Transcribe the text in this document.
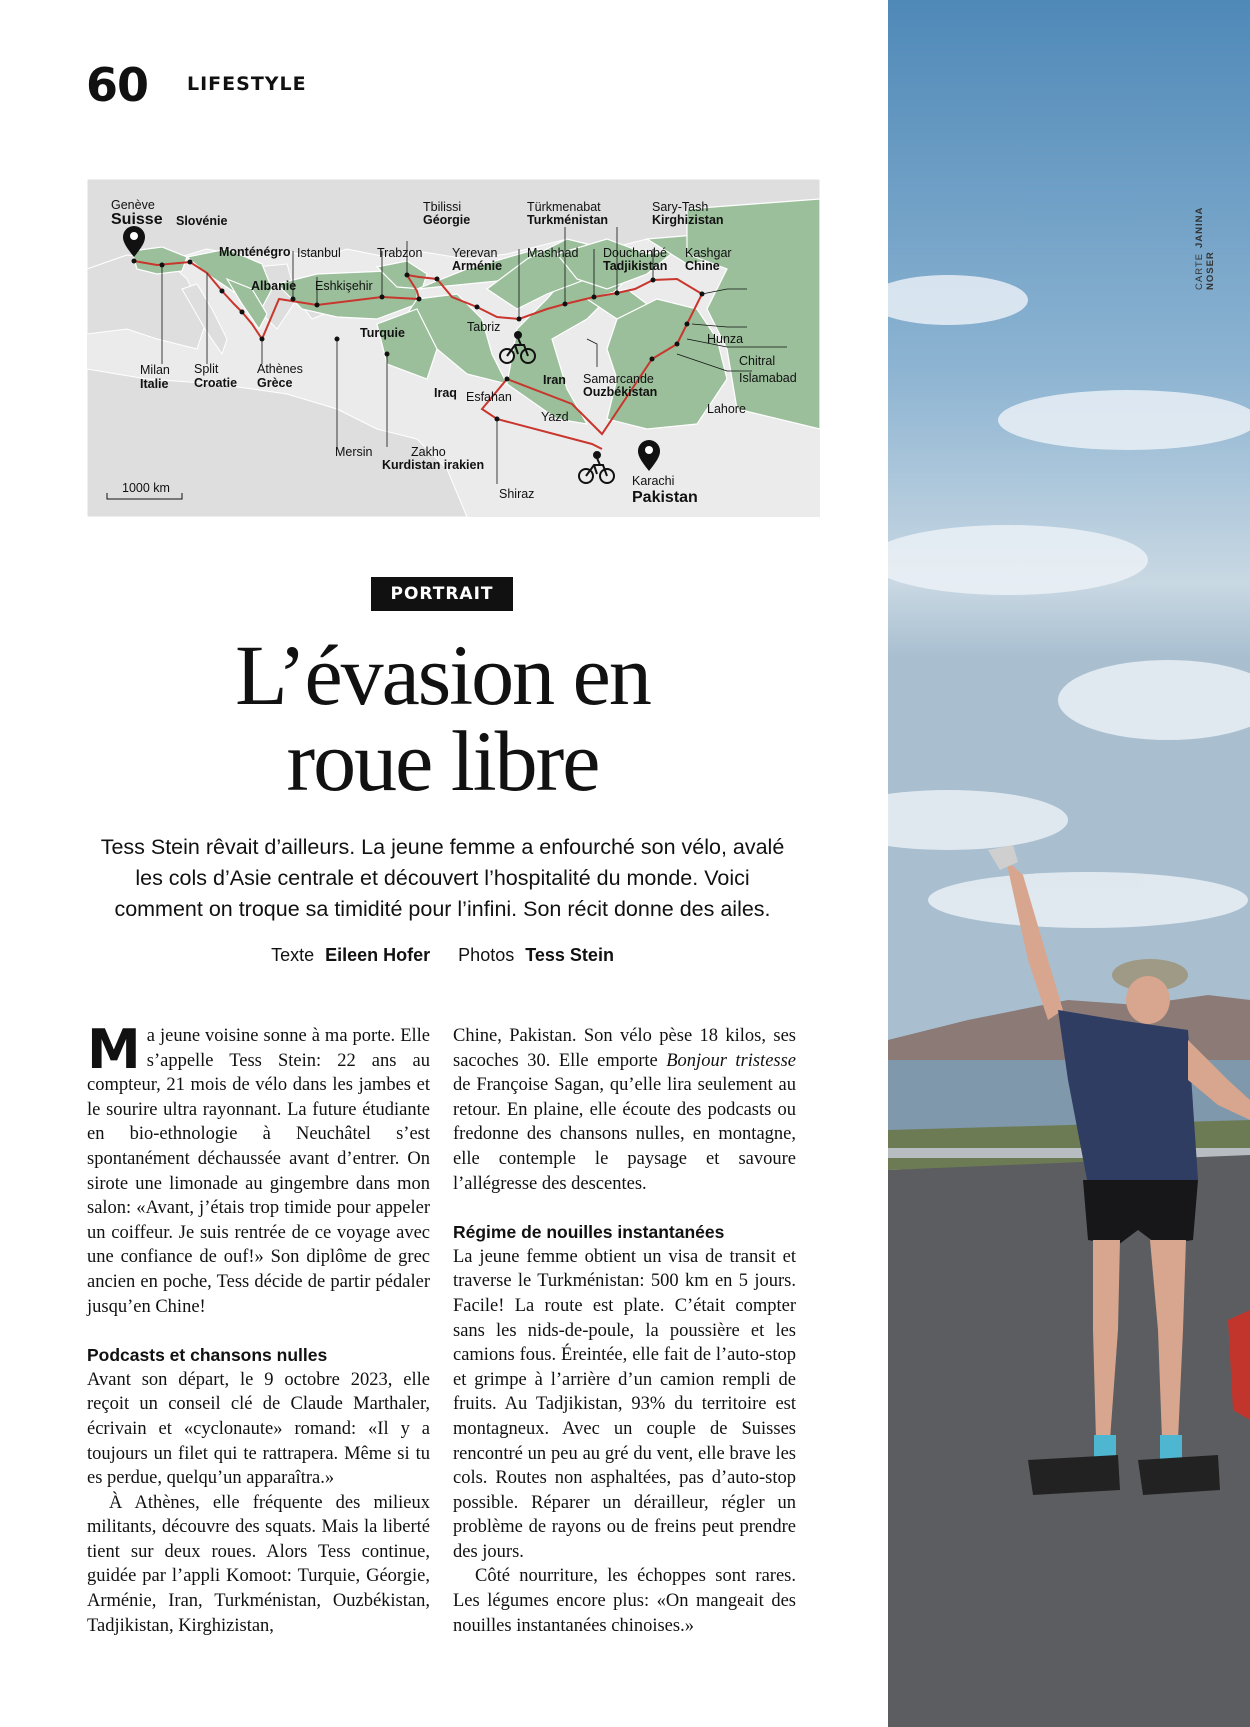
60 LIFESTYLE
1000 km
Genève
Suisse Slovénie
Monténégro Istanbul
Albanie Eshkişehir
Trabzon
Tbilissi
Géorgie
Yerevan
Arménie
Türkmenabat
Turkménistan
Mashhad Douchanbé
Tadjikistan
Sary-Tash
Kirghizistan
Kashgar
Chine
Tabriz
Turquie	Hunza
Chitral
Islamabad
Lahore
Milan
Italie
Split
Croatie
Athènes
Grèce
Iraq Esfahan
Iran Samarcande
Ouzbékistan
Yazd
Mersin	Zakho
Kurdistan irakien
Karachi
Pakistan
Shiraz
PORTRAIT
L’évasion en
roue libre

Tess Stein rêvait d’ailleurs. La jeune femme a enfourché son vélo, avalé les cols d’Asie centrale et découvert l’hospitalité du monde. Voici comment on troque sa timidité pour l’infini. Son récit donne des ailes.

Texte Eileen Hofer Photos Tess Stein

Ma jeune voisine sonne à ma porte. Elle s’appelle Tess Stein: 22 ans au compteur, 21 mois de vélo dans les jambes et le sourire ultra rayonnant. La future étudiante en bio-ethnologie à Neuchâtel s’est spontanément déchaussée avant d’entrer. On sirote une limonade au gingembre dans mon salon: «Avant, j’étais trop timide pour appeler un coiffeur. Je suis rentrée de ce voyage avec une confiance de ouf!» Son diplôme de grec ancien en poche, Tess décide de partir pédaler jusqu’en Chine!

Podcasts et chansons nulles

Avant son départ, le 9 octobre 2023, elle reçoit un conseil clé de Claude Marthaler, écrivain et «cyclonaute» romand: «Il y a toujours un filet qui te rattrapera. Même si tu es perdue, quelqu’un apparaîtra.»

À Athènes, elle fréquente des milieux militants, découvre des squats. Mais la liberté tient sur deux roues. Alors Tess continue, guidée par l’appli Komoot: Turquie, Géorgie, Arménie, Iran, Turkménistan, Ouzbékistan, Tadjikistan, Kirghizistan,

Chine, Pakistan. Son vélo pèse 18 kilos, ses sacoches 30. Elle emporte Bonjour tristesse de Françoise Sagan, qu’elle lira seulement au retour. En plaine, elle écoute des podcasts ou fredonne des chansons nulles, en montagne, elle contemple le paysage et savoure l’allégresse des descentes.

Régime de nouilles instantanées

La jeune femme obtient un visa de transit et traverse le Turkménistan: 500 km en 5 jours. Facile! La route est plate. C’était compter sans les nids-de-poule, la poussière et les camions fous. Éreintée, elle fait de l’auto-stop et grimpe à l’arrière d’un camion rempli de fruits. Au Tadjikistan, 93% du territoire est montagneux. Avec un couple de Suisses rencontré un peu au gré du vent, elle brave les cols. Routes non asphaltées, pas d’auto-stop possible. Réparer un dérailleur, régler un problème de rayons ou de freins peut prendre des jours.

Côté nourriture, les échoppes sont rares. Les légumes encore plus: «On mangeait des nouilles instantanées chinoises.»

CARTEJANINA NOSER
